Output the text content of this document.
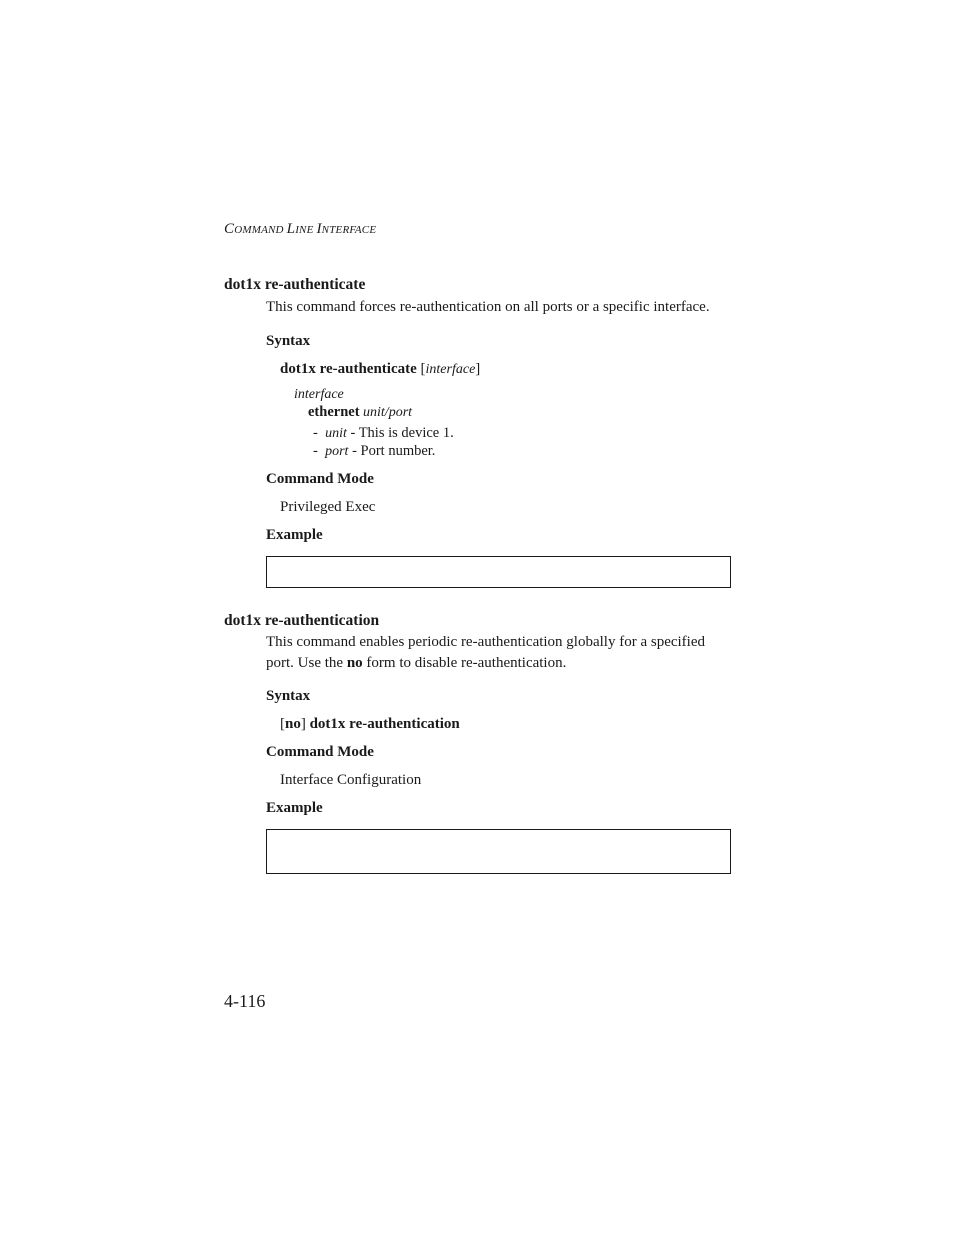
COMMAND LINE INTERFACE
dot1x re-authenticate
This command forces re-authentication on all ports or a specific interface.
Syntax
dot1x re-authenticate [interface]
interface
ethernet unit/port
- unit - This is device 1.
- port - Port number.
Command Mode
Privileged Exec
Example
dot1x re-authentication
This command enables periodic re-authentication globally for a specified port. Use the no form to disable re-authentication.
Syntax
[no] dot1x re-authentication
Command Mode
Interface Configuration
Example
4-116
